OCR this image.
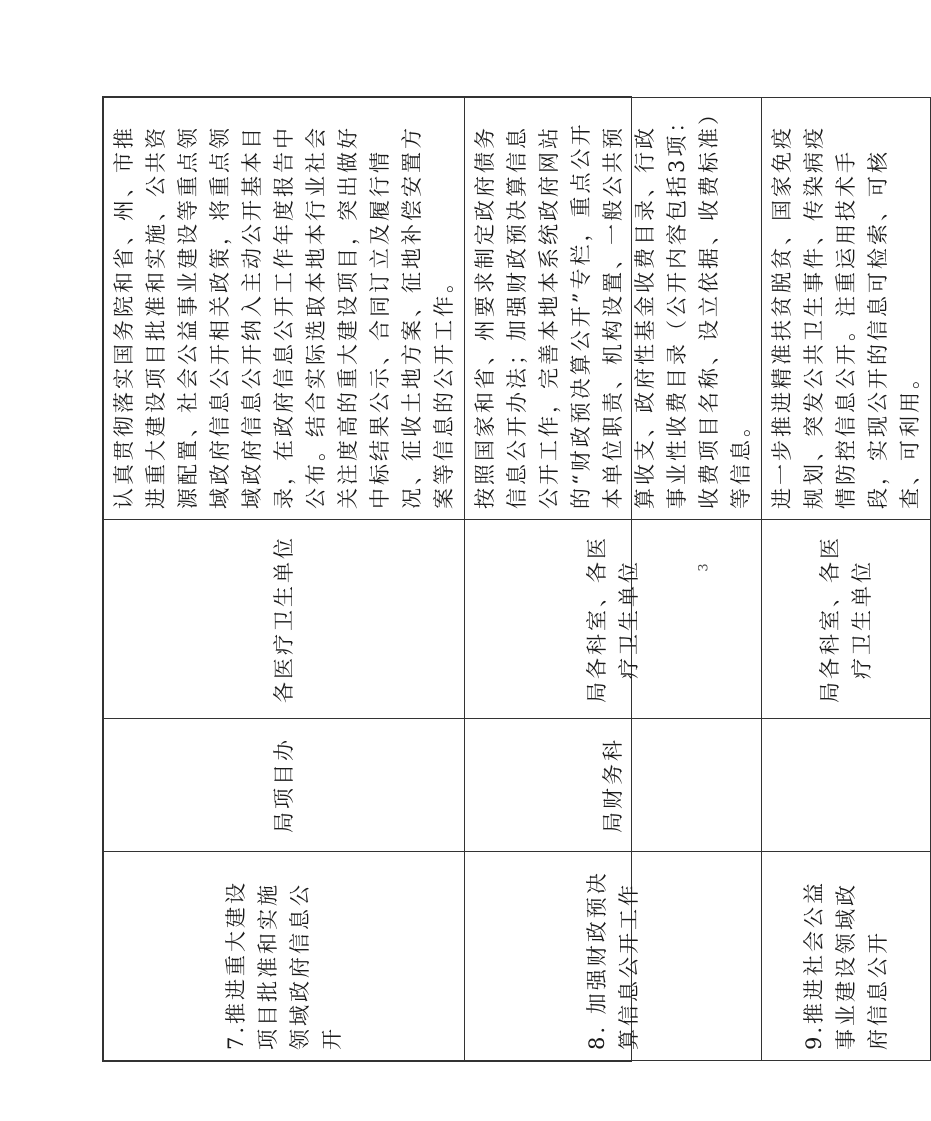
7.推进重大建设项目批准和实施领域政府信息公开	局项目办	各医疗卫生单位	认真贯彻落实国务院和省、州、市推进重大建设项目批准和实施、公共资源配置、社会公益事业建设等重点领域政府信息公开相关政策，将重点领域政府信息公开纳入主动公开基本目录，在政府信息公开工作年度报告中公布。结合实际选取本地本行业社会关注度高的重大建设项目，突出做好中标结果公示、合同订立及履行情况、征收土地方案、征地补偿安置方案等信息的公开工作。
8. 加强财政预决算信息公开工作	局财务科	局各科室、各医疗卫生单位	按照国家和省、州要求制定政府债务信息公开办法；加强财政预决算信息公开工作，完善本地本系统政府网站的“财政预决算公开”专栏，重点公开本单位职责、机构设置、一般公共预算收支、政府性基金收费目录、行政事业性收费目录（公开内容包括3项：收费项目名称、设立依据、收费标准）等信息。
9.推进社会公益事业建设领域政府信息公开		局各科室、各医疗卫生单位	进一步推进精准扶贫脱贫、国家免疫规划、突发公共卫生事件、传染病疫情防控信息公开。注重运用技术手段，实现公开的信息可检索、可核查、可利用。
3
